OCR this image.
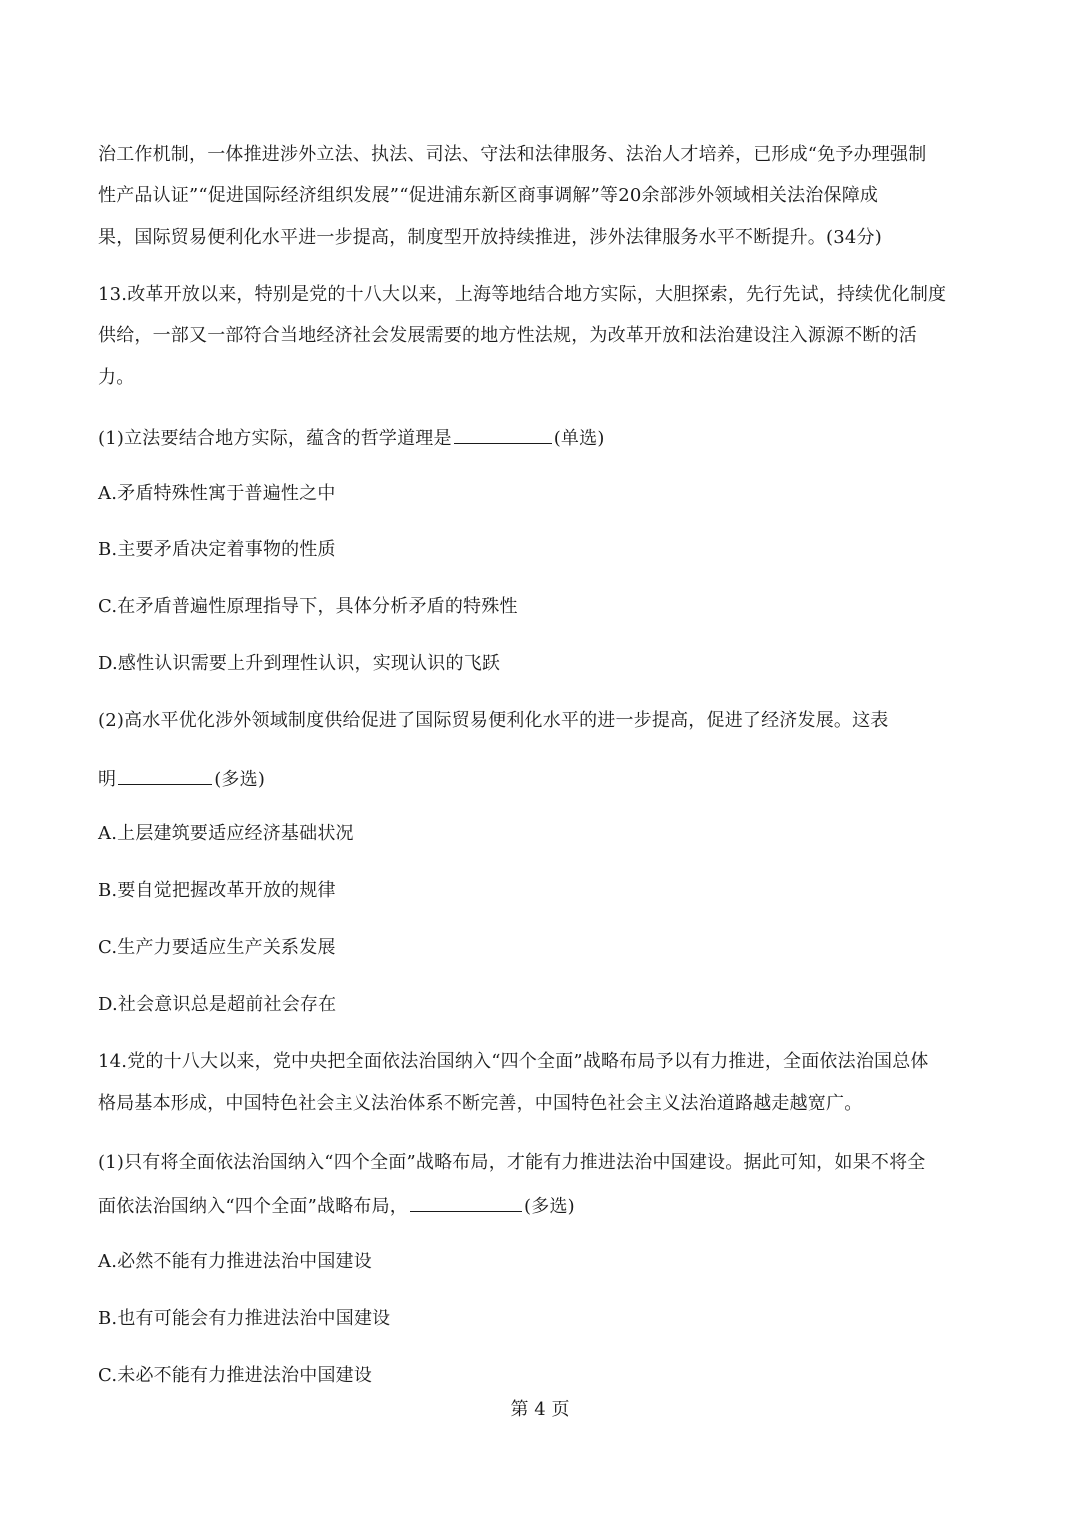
治工作机制，一体推进涉外立法、执法、司法、守法和法律服务、法治人才培养，已形成“免予办理强制
性产品认证”“促进国际经济组织发展”“促进浦东新区商事调解”等20余部涉外领域相关法治保障成
果，国际贸易便利化水平进一步提高，制度型开放持续推进，涉外法律服务水平不断提升。(34分)
13.改革开放以来，特别是党的十八大以来，上海等地结合地方实际，大胆探索，先行先试，持续优化制度
供给，一部又一部符合当地经济社会发展需要的地方性法规，为改革开放和法治建设注入源源不断的活
力。
(1)立法要结合地方实际，蕴含的哲学道理是	(单选)
A.矛盾特殊性寓于普遍性之中
B.主要矛盾决定着事物的性质
C.在矛盾普遍性原理指导下，具体分析矛盾的特殊性
D.感性认识需要上升到理性认识，实现认识的飞跃
(2)高水平优化涉外领域制度供给促进了国际贸易便利化水平的进一步提高，促进了经济发展。这表
明	(多选)
A.上层建筑要适应经济基础状况
B.要自觉把握改革开放的规律
C.生产力要适应生产关系发展
D.社会意识总是超前社会存在
14.党的十八大以来，党中央把全面依法治国纳入“四个全面”战略布局予以有力推进，全面依法治国总体
格局基本形成，中国特色社会主义法治体系不断完善，中国特色社会主义法治道路越走越宽广。
(1)只有将全面依法治国纳入“四个全面”战略布局，才能有力推进法治中国建设。据此可知，如果不将全
面依法治国纳入“四个全面”战略布局，	(多选)
A.必然不能有力推进法治中国建设
B.也有可能会有力推进法治中国建设
C.未必不能有力推进法治中国建设
第 4 页
